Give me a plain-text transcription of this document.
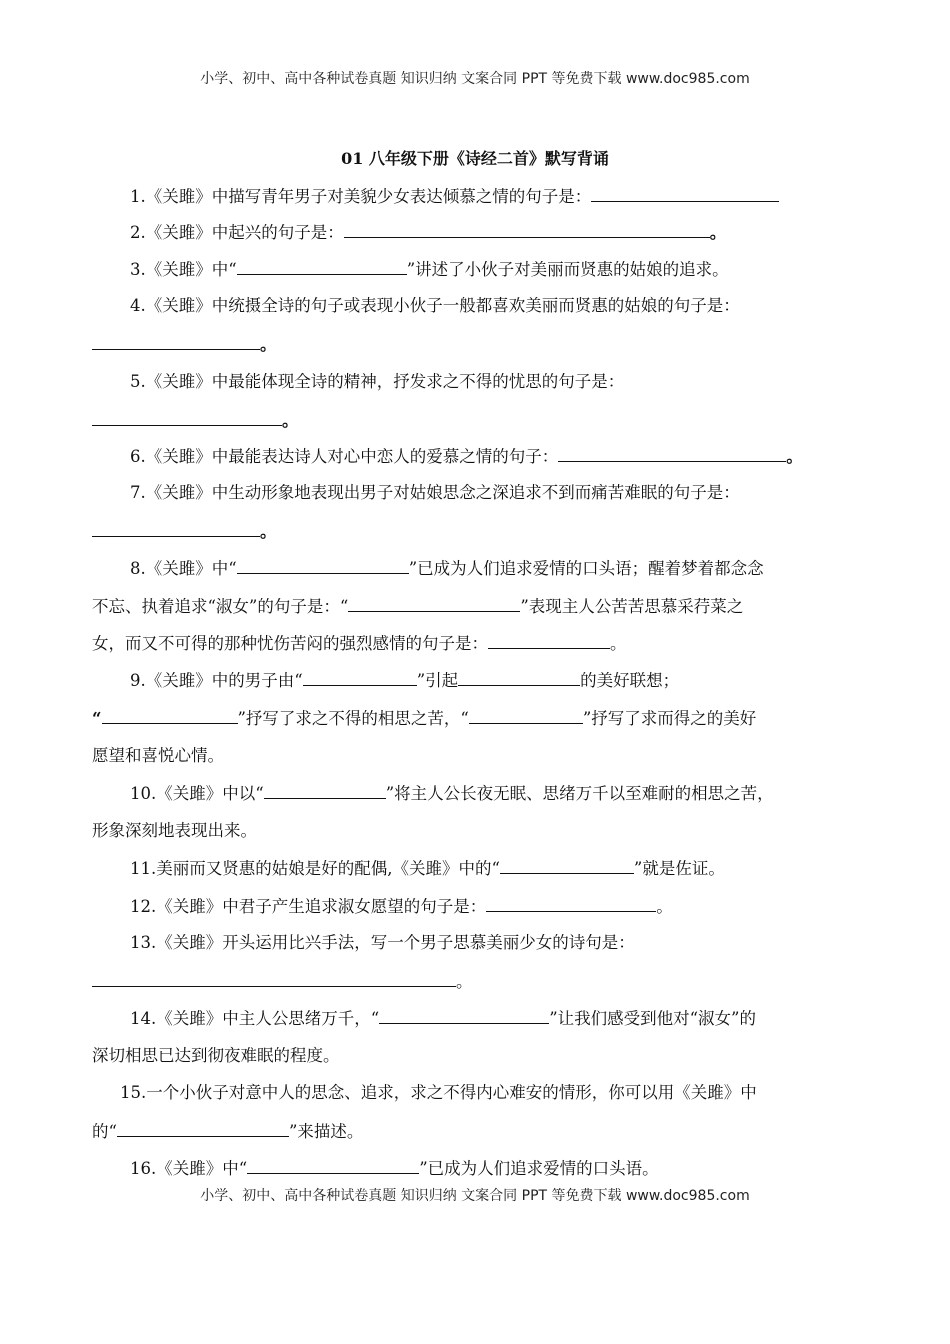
小学、初中、高中各种试卷真题 知识归纳 文案合同 PPT 等免费下载 www.doc985.com
01 八年级下册《诗经二首》默写背诵
1.《关雎》中描写青年男子对美貌少女表达倾慕之情的句子是：
2.《关雎》中起兴的句子是：	。
3.《关雎》中“	”讲述了小伙子对美丽而贤惠的姑娘的追求。
4.《关雎》中统摄全诗的句子或表现小伙子一般都喜欢美丽而贤惠的姑娘的句子是：
。
5.《关雎》中最能体现全诗的精神，抒发求之不得的忧思的句子是：
。
6.《关雎》中最能表达诗人对心中恋人的爱慕之情的句子：	。
7.《关雎》中生动形象地表现出男子对姑娘思念之深追求不到而痛苦难眠的句子是：
。
8.《关雎》中“	”已成为人们追求爱情的口头语；醒着梦着都念念
不忘、执着追求“淑女”的句子是：“	”表现主人公苦苦思慕采荇菜之
女，而又不可得的那种忧伤苦闷的强烈感情的句子是：	。
9.《关雎》中的男子由“	”引起	的美好联想；
“	”抒写了求之不得的相思之苦，“	”抒写了求而得之的美好
愿望和喜悦心情。
10.《关雎》中以“	”将主人公长夜无眠、思绪万千以至难耐的相思之苦，
形象深刻地表现出来。
11.美丽而又贤惠的姑娘是好的配偶,《关雎》中的“	”就是佐证。
12.《关雎》中君子产生追求淑女愿望的句子是：	。
13.《关雎》开头运用比兴手法，写一个男子思慕美丽少女的诗句是：
。
14.《关雎》中主人公思绪万千，“	”让我们感受到他对“淑女”的
深切相思已达到彻夜难眠的程度。
15.一个小伙子对意中人的思念、追求，求之不得内心难安的情形，你可以用《关雎》中
的“	”来描述。
16.《关雎》中“	”已成为人们追求爱情的口头语。
小学、初中、高中各种试卷真题 知识归纳 文案合同 PPT 等免费下载 www.doc985.com
